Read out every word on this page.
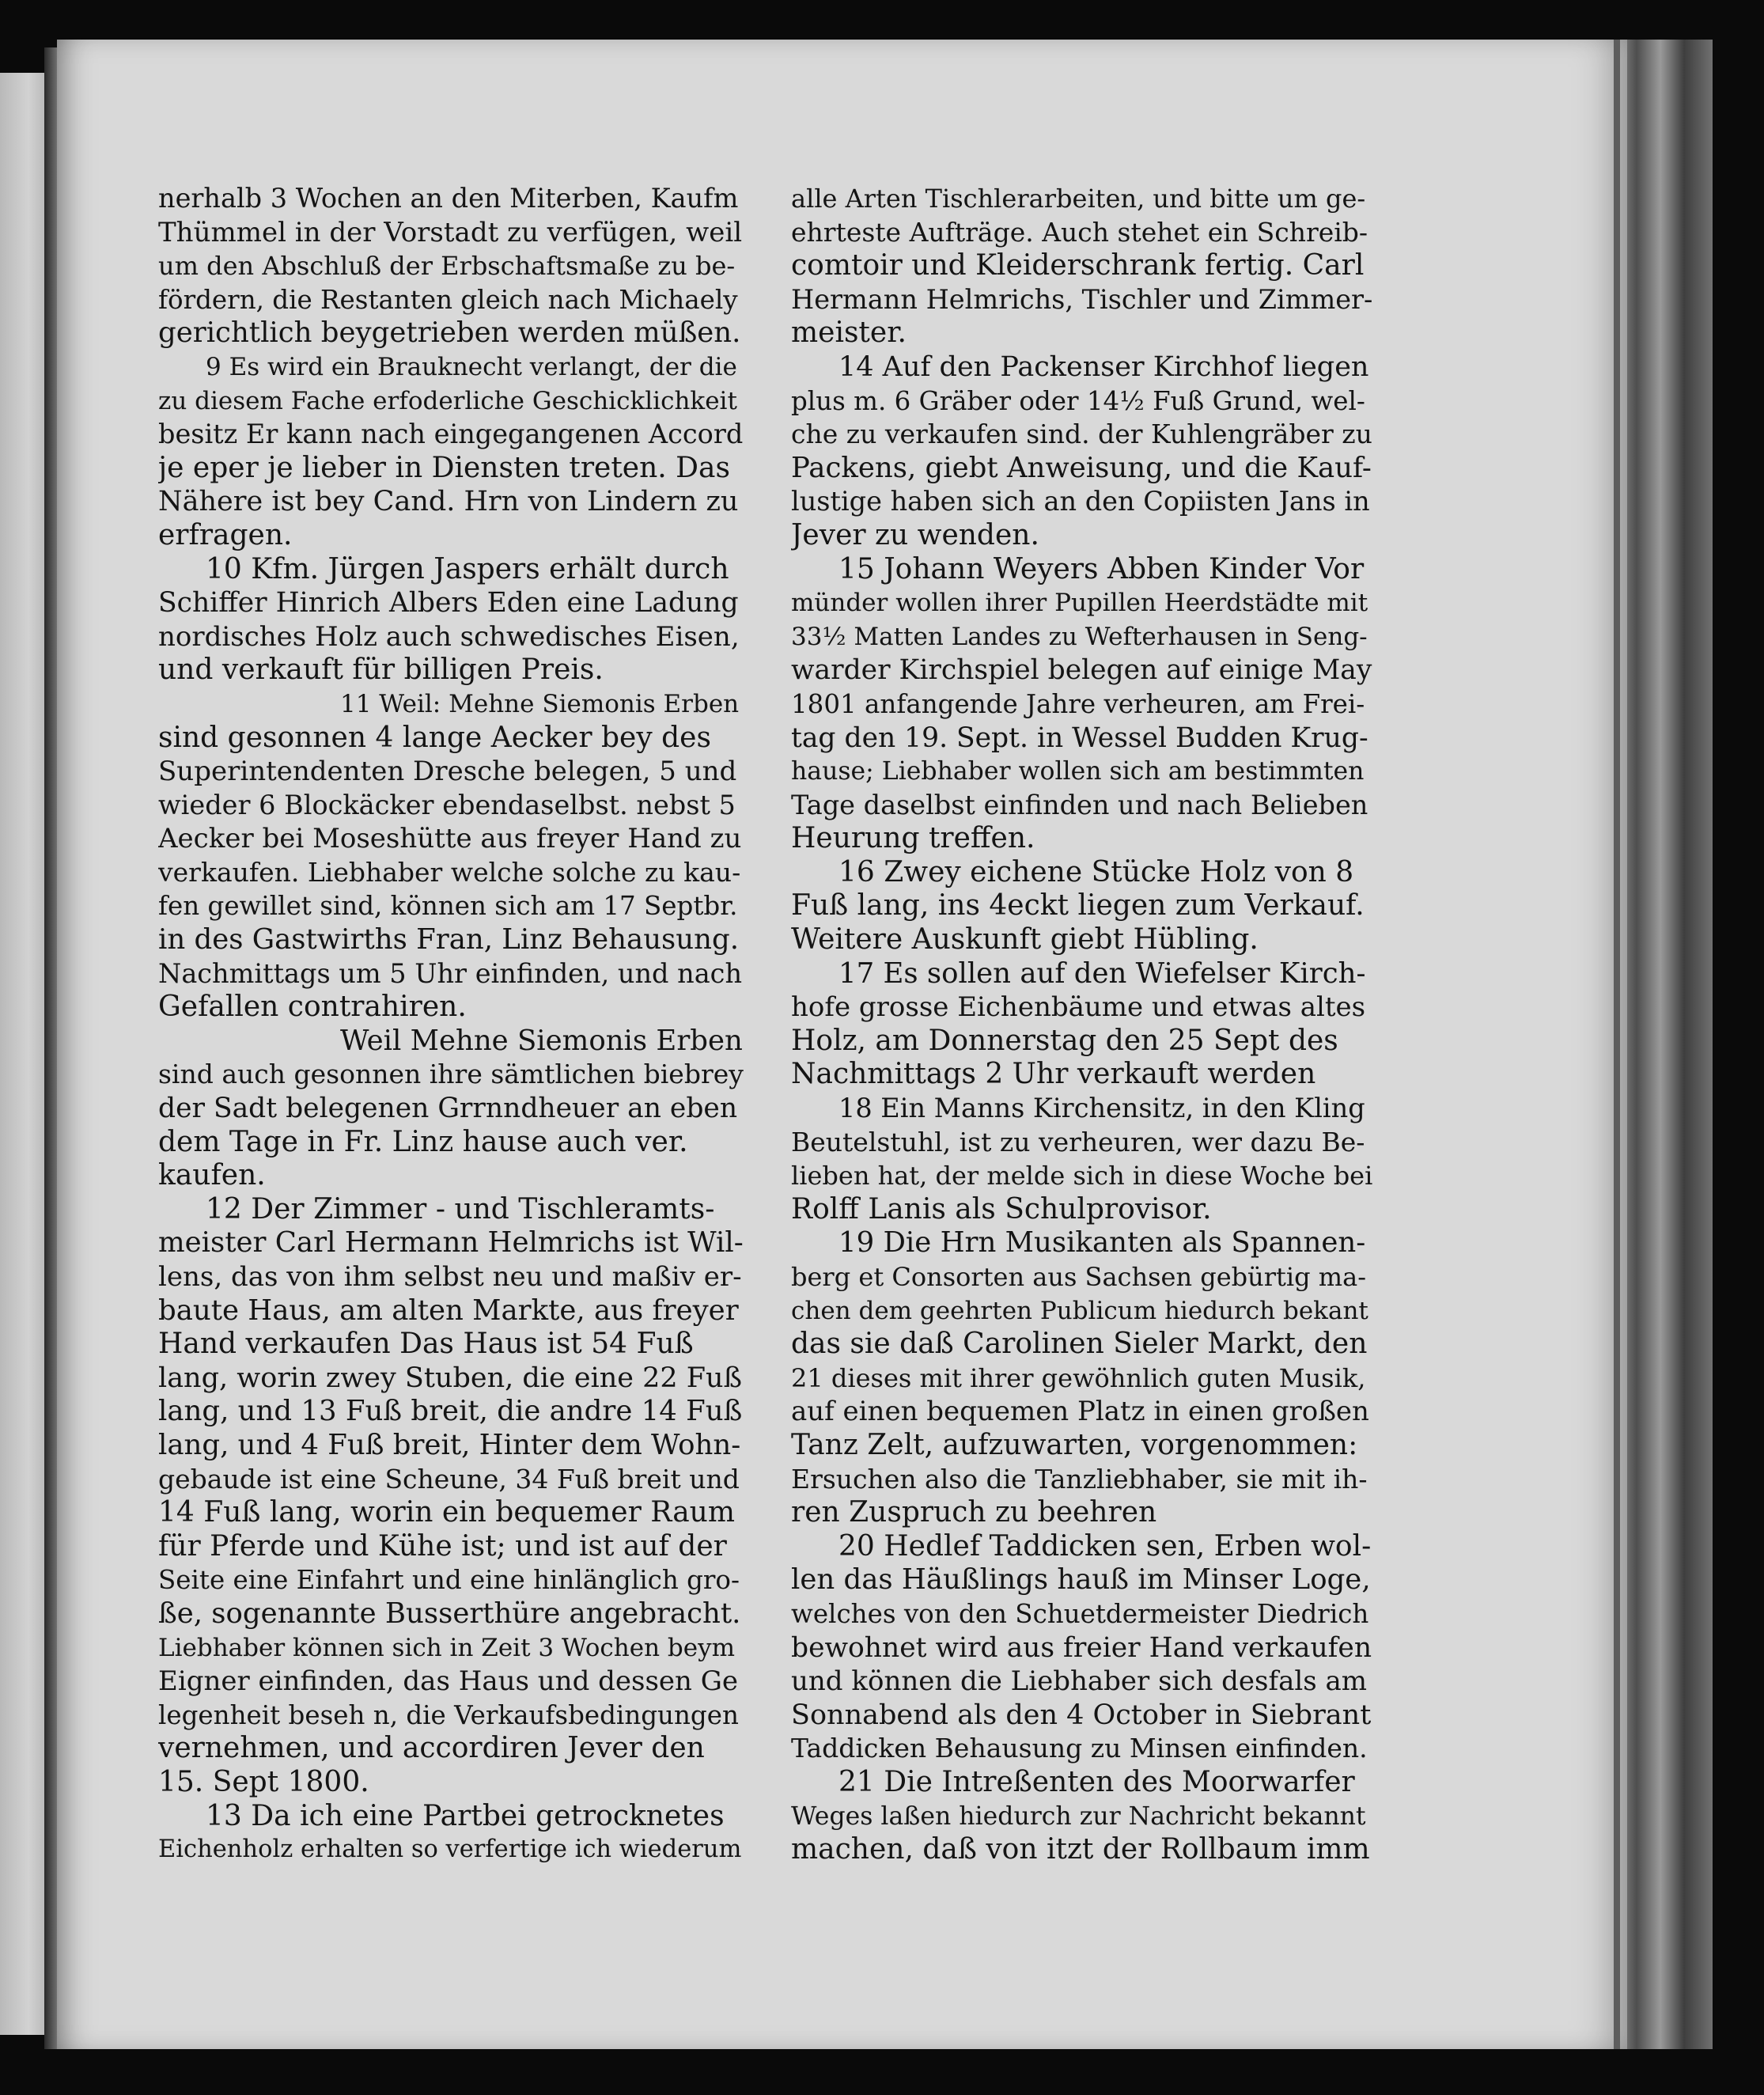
nerhalb 3 Wochen an den Miterben, Kaufm
Thümmel in der Vorstadt zu verfügen, weil
um den Abschluß der Erbschaftsmaße zu be-
fördern, die Restanten gleich nach Michaely
gerichtlich beygetrieben werden müßen.
9 Es wird ein Brauknecht verlangt, der die
zu diesem Fache erfoderliche Geschicklichkeit
besitz Er kann nach eingegangenen Accord
je eper je lieber in Diensten treten. Das
Nähere ist bey Cand. Hrn von Lindern zu
erfragen.
10 Kfm. Jürgen Jaspers erhält durch
Schiffer Hinrich Albers Eden eine Ladung
nordisches Holz auch schwedisches Eisen,
und verkauft für billigen Preis.
11 Weil: Mehne Siemonis Erben
sind gesonnen 4 lange Aecker bey des
Superintendenten Dresche belegen, 5 und
wieder 6 Blockäcker ebendaselbst. nebst 5
Aecker bei Moseshütte aus freyer Hand zu
verkaufen. Liebhaber welche solche zu kau-
fen gewillet sind, können sich am 17 Septbr.
in des Gastwirths Fran, Linz Behausung.
Nachmittags um 5 Uhr einfinden, und nach
Gefallen contrahiren.
Weil Mehne Siemonis Erben
sind auch gesonnen ihre sämtlichen biebrey
der Sadt belegenen Grrnndheuer an eben
dem Tage in Fr. Linz hause auch ver.
kaufen.
12 Der Zimmer - und Tischleramts-
meister Carl Hermann Helmrichs ist Wil-
lens, das von ihm selbst neu und maßiv er-
baute Haus, am alten Markte, aus freyer
Hand verkaufen Das Haus ist 54 Fuß
lang, worin zwey Stuben, die eine 22 Fuß
lang, und 13 Fuß breit, die andre 14 Fuß
lang, und 4 Fuß breit, Hinter dem Wohn-
gebaude ist eine Scheune, 34 Fuß breit und
14 Fuß lang, worin ein bequemer Raum
für Pferde und Kühe ist; und ist auf der
Seite eine Einfahrt und eine hinlänglich gro-
ße, sogenannte Busserthüre angebracht.
Liebhaber können sich in Zeit 3 Wochen beym
Eigner einfinden, das Haus und dessen Ge
legenheit beseh n, die Verkaufsbedingungen
vernehmen, und accordiren Jever den
15. Sept 1800.
13 Da ich eine Partbei getrocknetes
Eichenholz erhalten so verfertige ich wiederum
alle Arten Tischlerarbeiten, und bitte um ge-
ehrteste Aufträge. Auch stehet ein Schreib-
comtoir und Kleiderschrank fertig. Carl
Hermann Helmrichs, Tischler und Zimmer-
meister.
14 Auf den Packenser Kirchhof liegen
plus m. 6 Gräber oder 14½ Fuß Grund, wel-
che zu verkaufen sind. der Kuhlengräber zu
Packens, giebt Anweisung, und die Kauf-
lustige haben sich an den Copiisten Jans in
Jever zu wenden.
15 Johann Weyers Abben Kinder Vor
münder wollen ihrer Pupillen Heerdstädte mit
33½ Matten Landes zu Wefterhausen in Seng-
warder Kirchspiel belegen auf einige May
1801 anfangende Jahre verheuren, am Frei-
tag den 19. Sept. in Wessel Budden Krug-
hause; Liebhaber wollen sich am bestimmten
Tage daselbst einfinden und nach Belieben
Heurung treffen.
16 Zwey eichene Stücke Holz von 8
Fuß lang, ins 4eckt liegen zum Verkauf.
Weitere Auskunft giebt Hübling.
17 Es sollen auf den Wiefelser Kirch-
hofe grosse Eichenbäume und etwas altes
Holz, am Donnerstag den 25 Sept des
Nachmittags 2 Uhr verkauft werden
18 Ein Manns Kirchensitz, in den Kling
Beutelstuhl, ist zu verheuren, wer dazu Be-
lieben hat, der melde sich in diese Woche bei
Rolff Lanis als Schulprovisor.
19 Die Hrn Musikanten als Spannen-
berg et Consorten aus Sachsen gebürtig ma-
chen dem geehrten Publicum hiedurch bekant
das sie daß Carolinen Sieler Markt, den
21 dieses mit ihrer gewöhnlich guten Musik,
auf einen bequemen Platz in einen großen
Tanz Zelt, aufzuwarten, vorgenommen:
Ersuchen also die Tanzliebhaber, sie mit ih-
ren Zuspruch zu beehren
20 Hedlef Taddicken sen, Erben wol-
len das Häußlings hauß im Minser Loge,
welches von den Schuetdermeister Diedrich
bewohnet wird aus freier Hand verkaufen
und können die Liebhaber sich desfals am
Sonnabend als den 4 October in Siebrant
Taddicken Behausung zu Minsen einfinden.
21 Die Intreßenten des Moorwarfer
Weges laßen hiedurch zur Nachricht bekannt
machen, daß von itzt der Rollbaum imm
